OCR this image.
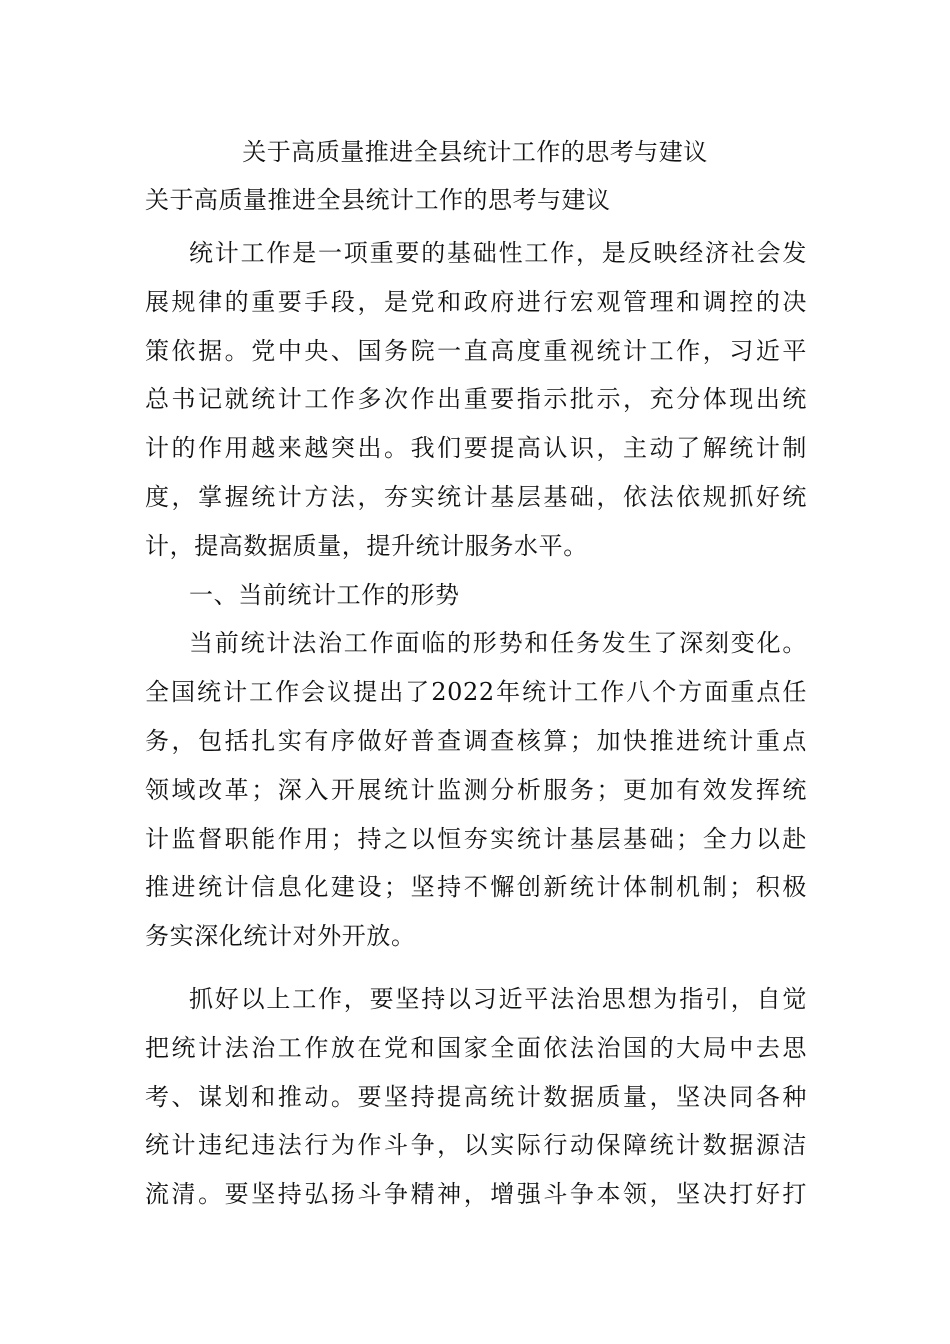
关于高质量推进全县统计工作的思考与建议
关于高质量推进全县统计工作的思考与建议
统计工作是一项重要的基础性工作，是反映经济社会发
展规律的重要手段，是党和政府进行宏观管理和调控的决
策依据。党中央、国务院一直高度重视统计工作，习近平
总书记就统计工作多次作出重要指示批示，充分体现出统
计的作用越来越突出。我们要提高认识，主动了解统计制
度，掌握统计方法，夯实统计基层基础，依法依规抓好统
计，提高数据质量，提升统计服务水平。
一、当前统计工作的形势
当前统计法治工作面临的形势和任务发生了深刻变化。
全国统计工作会议提出了2022年统计工作八个方面重点任
务，包括扎实有序做好普查调查核算；加快推进统计重点
领域改革；深入开展统计监测分析服务；更加有效发挥统
计监督职能作用；持之以恒夯实统计基层基础；全力以赴
推进统计信息化建设；坚持不懈创新统计体制机制；积极
务实深化统计对外开放。
抓好以上工作，要坚持以习近平法治思想为指引，自觉
把统计法治工作放在党和国家全面依法治国的大局中去思
考、谋划和推动。要坚持提高统计数据质量，坚决同各种
统计违纪违法行为作斗争，以实际行动保障统计数据源洁
流清。要坚持弘扬斗争精神，增强斗争本领，坚决打好打
